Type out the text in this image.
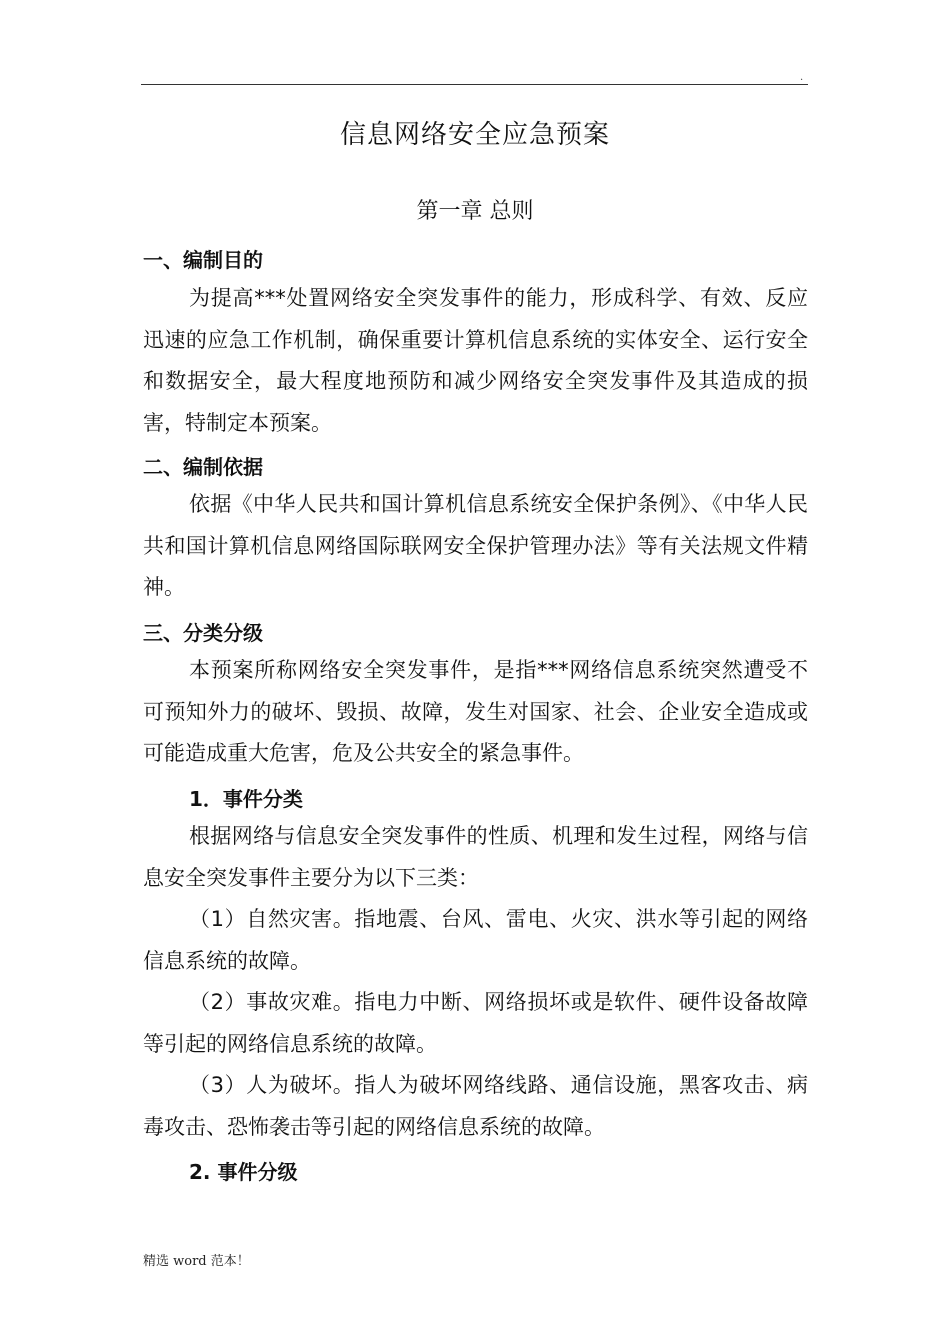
.
信息网络安全应急预案
第一章 总则
一、编制目的

为提高***处置网络安全突发事件的能力，形成科学、有效、反应迅速的应急工作机制，确保重要计算机信息系统的实体安全、运行安全和数据安全，最大程度地预防和减少网络安全突发事件及其造成的损害，特制定本预案。

二、编制依据

依据《中华人民共和国计算机信息系统安全保护条例》、《中华人民共和国计算机信息网络国际联网安全保护管理办法》等有关法规文件精神。

三、分类分级

本预案所称网络安全突发事件，是指***网络信息系统突然遭受不可预知外力的破坏、毁损、故障，发生对国家、社会、企业安全造成或可能造成重大危害，危及公共安全的紧急事件。

1．事件分类

根据网络与信息安全突发事件的性质、机理和发生过程，网络与信息安全突发事件主要分为以下三类：

（1）自然灾害。指地震、台风、雷电、火灾、洪水等引起的网络信息系统的故障。

（2）事故灾难。指电力中断、网络损坏或是软件、硬件设备故障等引起的网络信息系统的故障。

（3）人为破坏。指人为破坏网络线路、通信设施，黑客攻击、病毒攻击、恐怖袭击等引起的网络信息系统的故障。

2. 事件分级
精选 word 范本！
